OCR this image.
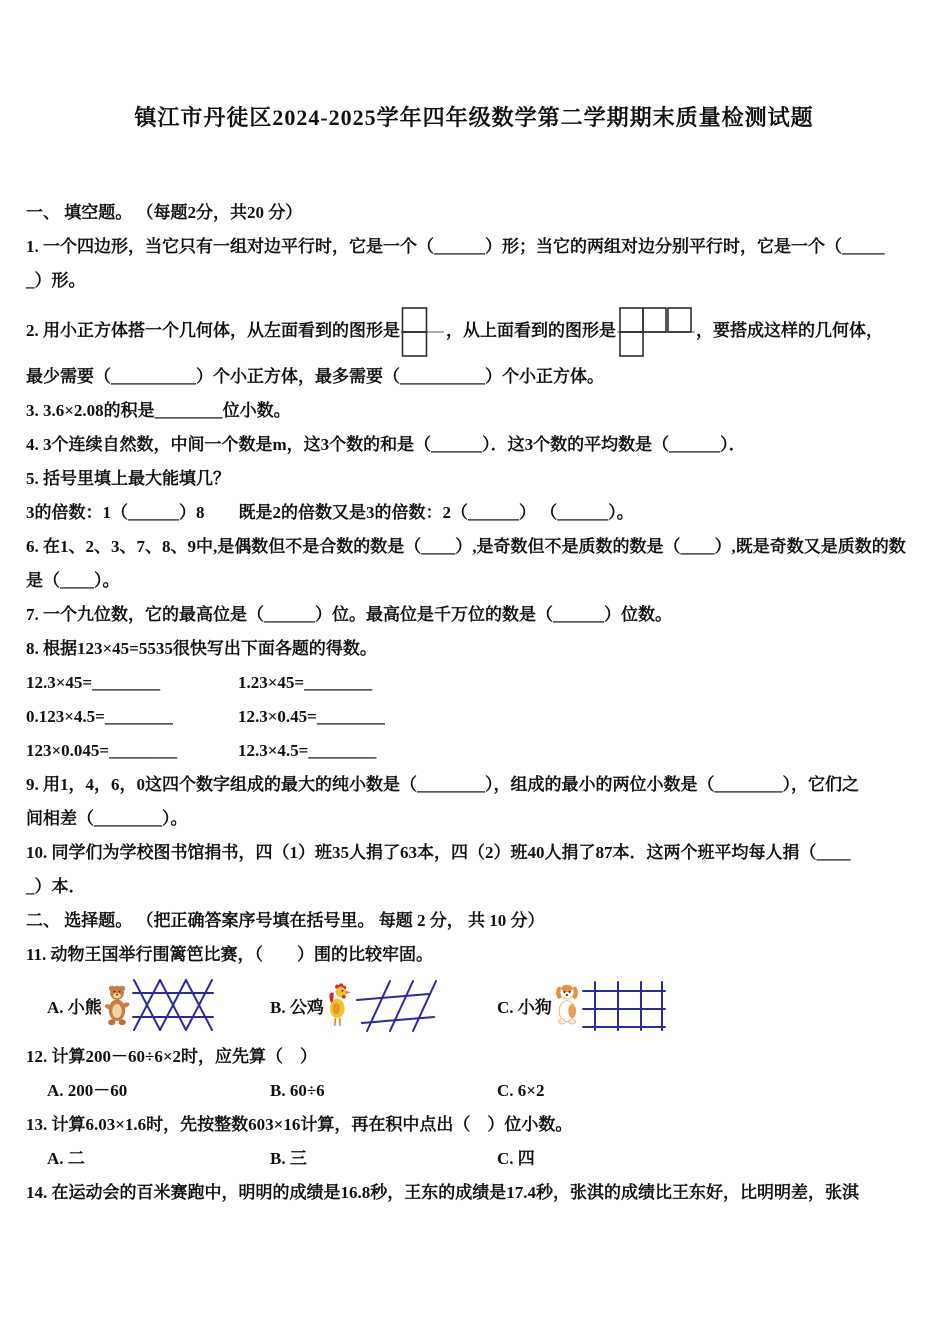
镇江市丹徒区2024-2025学年四年级数学第二学期期末质量检测试题
一、 填空题。 （每题2分，共20 分）
1. 一个四边形，当它只有一组对边平行时，它是一个（______）形；当它的两组对边分别平行时，它是一个（_____
_）形。
2. 用小正方体搭一个几何体，从左面看到的图形是	，从上面看到的图形是	，要搭成这样的几何体，
最少需要（__________）个小正方体，最多需要（__________）个小正方体。
3. 3.6×2.08的积是________位小数。
4. 3个连续自然数，中间一个数是m，这3个数的和是（______）．这3个数的平均数是（______）．
5. 括号里填上最大能填几？
3的倍数：1（______）8　　既是2的倍数又是3的倍数：2（______） （______）。
6. 在1、2、3、7、8、9中,是偶数但不是合数的数是（____）,是奇数但不是质数的数是（____）,既是奇数又是质数的数
是（____）。
7. 一个九位数，它的最高位是（______）位。最高位是千万位的数是（______）位数。
8. 根据123×45=5535很快写出下面各题的得数。
12.3×45=________	1.23×45=________
0.123×4.5=________	12.3×0.45=________
123×0.045=________	12.3×4.5=________
9. 用1，4，6，0这四个数字组成的最大的纯小数是（________），组成的最小的两位小数是（________），它们之
间相差（________）。
10. 同学们为学校图书馆捐书，四（1）班35人捐了63本，四（2）班40人捐了87本．这两个班平均每人捐（____
_）本．
二、 选择题。 （把正确答案序号填在括号里。 每题 2 分， 共 10 分）
11. 动物王国举行围篱笆比赛，（　　）围的比较牢固。
A. 小熊	B. 公鸡	C. 小狗
12. 计算200－60÷6×2时，应先算（　）
A. 200－60	B. 60÷6	C. 6×2
13. 计算6.03×1.6时，先按整数603×16计算，再在积中点出（　）位小数。
A. 二	B. 三	C. 四
14. 在运动会的百米赛跑中，明明的成绩是16.8秒，王东的成绩是17.4秒，张淇的成绩比王东好，比明明差，张淇
